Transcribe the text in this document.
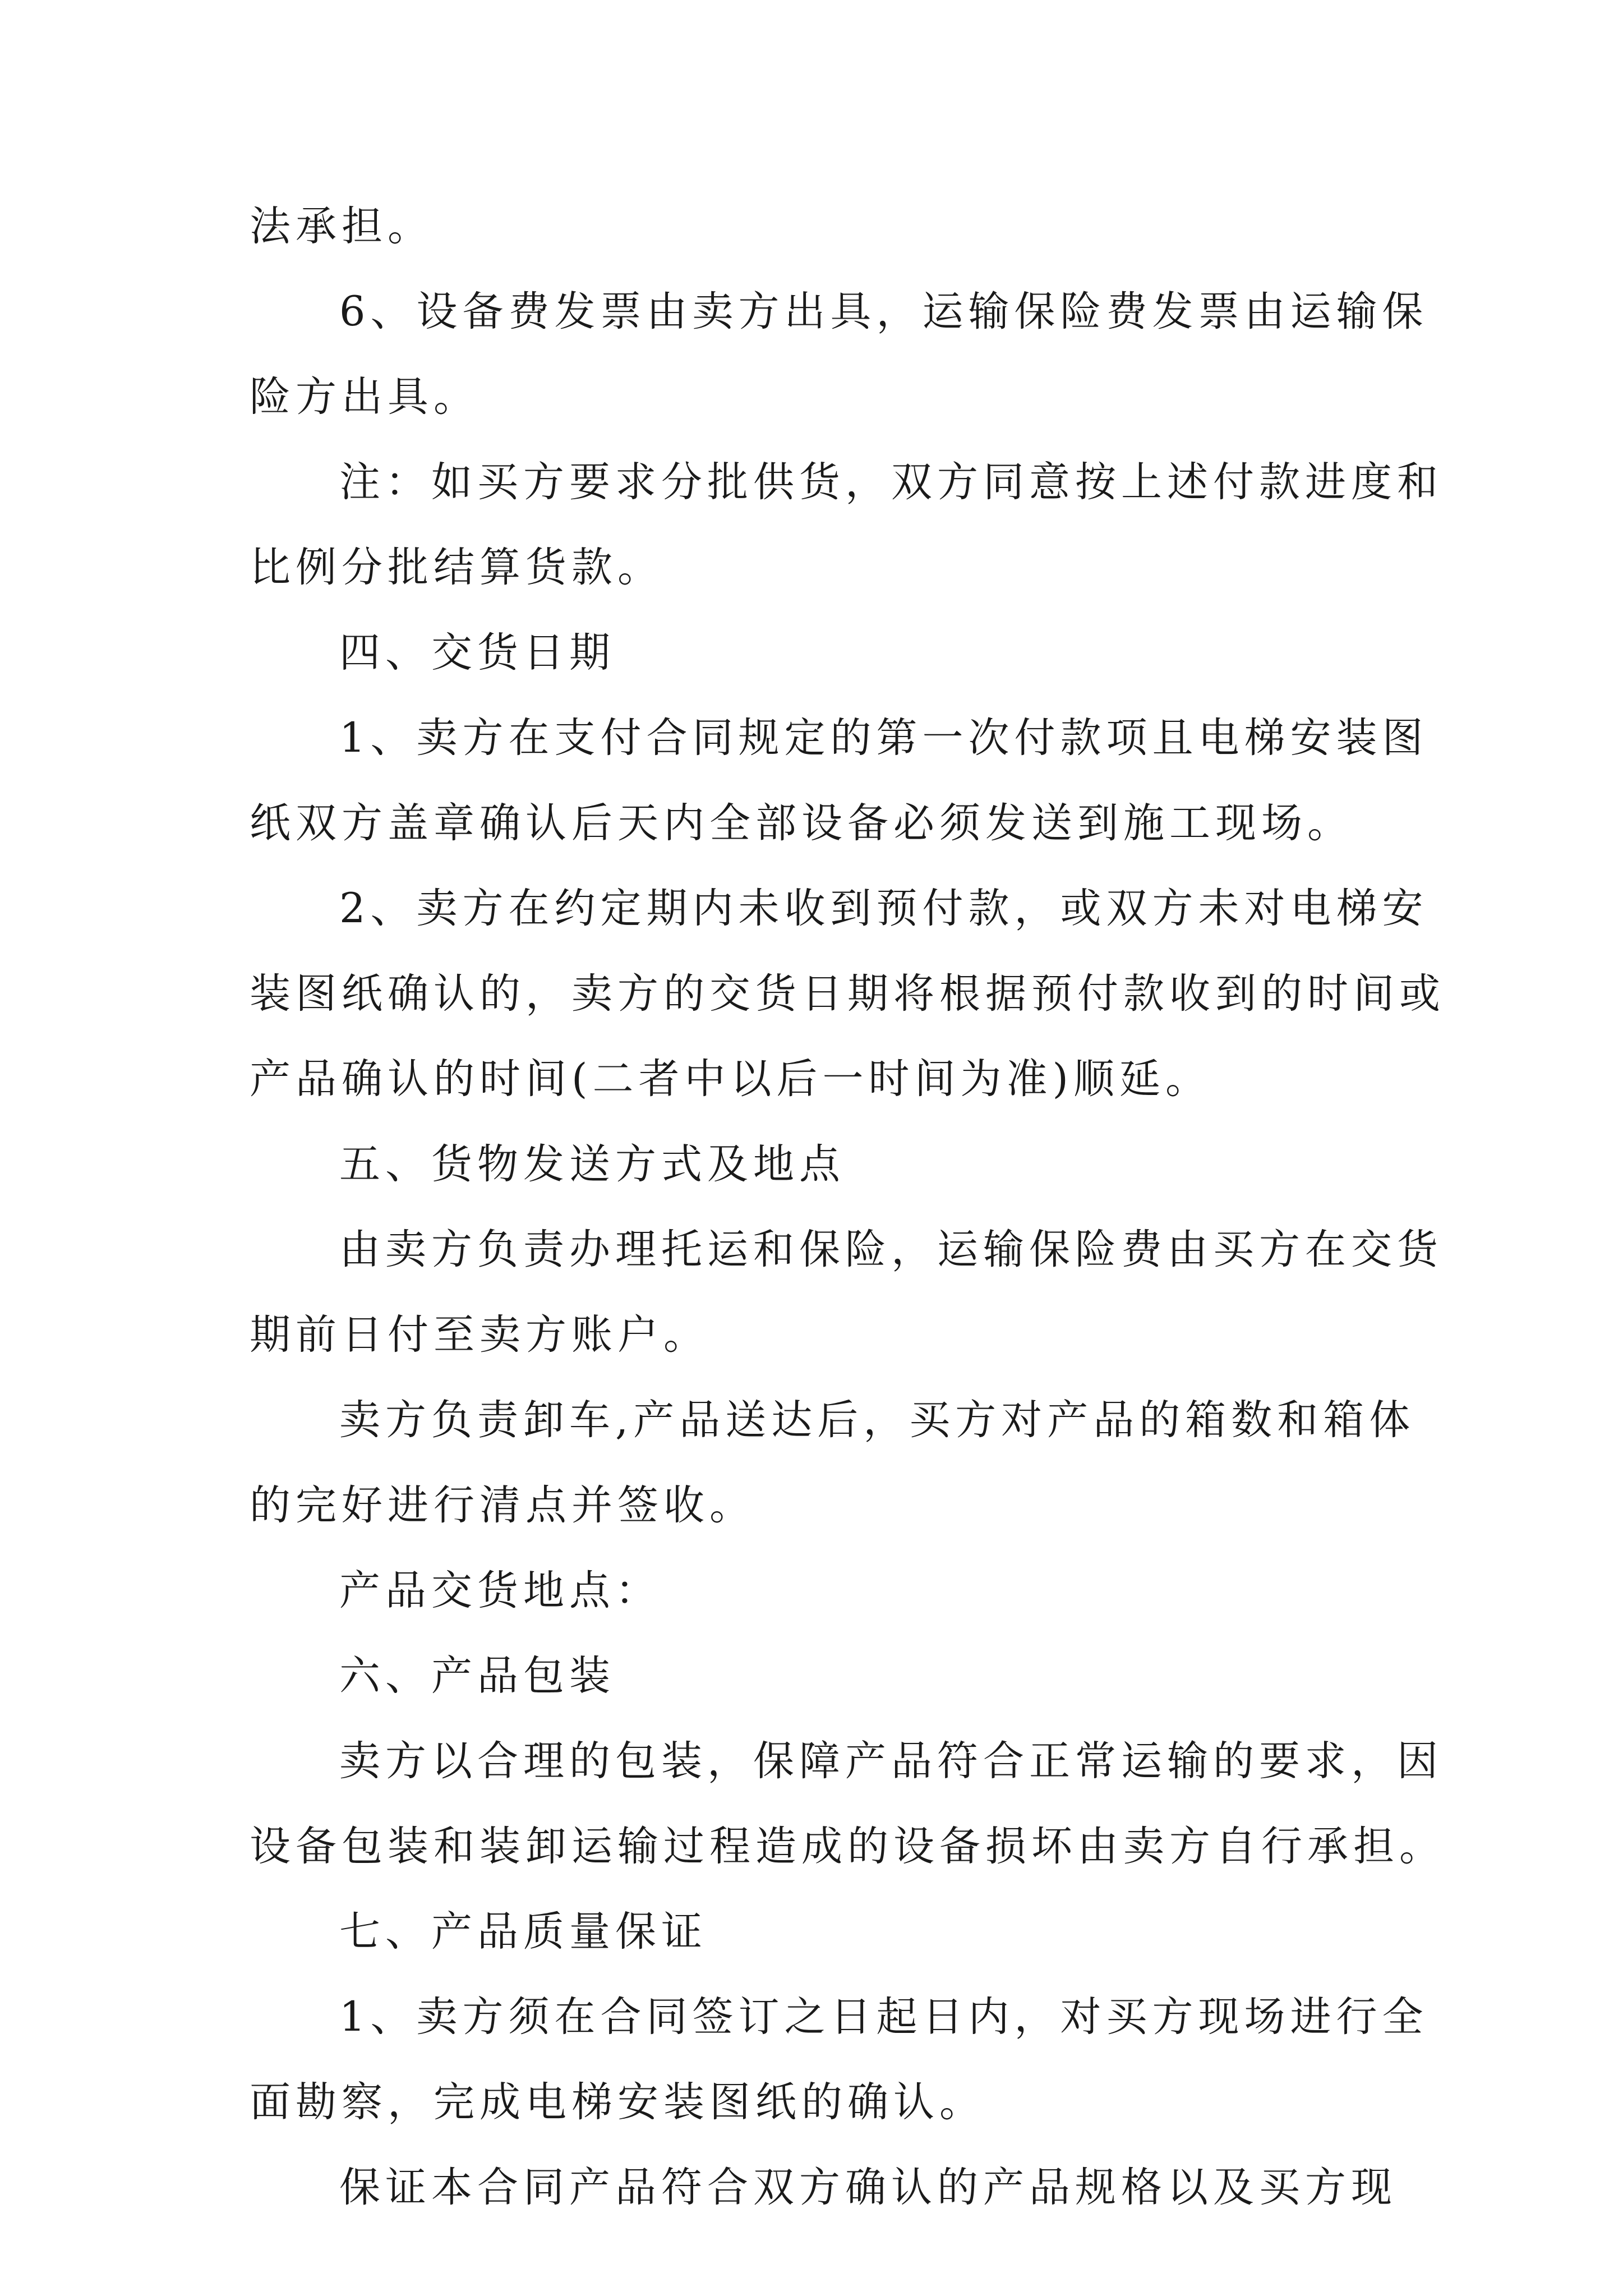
法承担。
6、设备费发票由卖方出具，运输保险费发票由运输保
险方出具。
注：如买方要求分批供货，双方同意按上述付款进度和
比例分批结算货款。
四、交货日期
1、卖方在支付合同规定的第一次付款项且电梯安装图
纸双方盖章确认后天内全部设备必须发送到施工现场。
2、卖方在约定期内未收到预付款，或双方未对电梯安
装图纸确认的，卖方的交货日期将根据预付款收到的时间或
产品确认的时间(二者中以后一时间为准)顺延。
五、货物发送方式及地点
由卖方负责办理托运和保险，运输保险费由买方在交货
期前日付至卖方账户。
卖方负责卸车,产品送达后，买方对产品的箱数和箱体
的完好进行清点并签收。
产品交货地点：
六、产品包装
卖方以合理的包装，保障产品符合正常运输的要求，因
设备包装和装卸运输过程造成的设备损坏由卖方自行承担。
七、产品质量保证
1、卖方须在合同签订之日起日内，对买方现场进行全
面勘察，完成电梯安装图纸的确认。
保证本合同产品符合双方确认的产品规格以及买方现
